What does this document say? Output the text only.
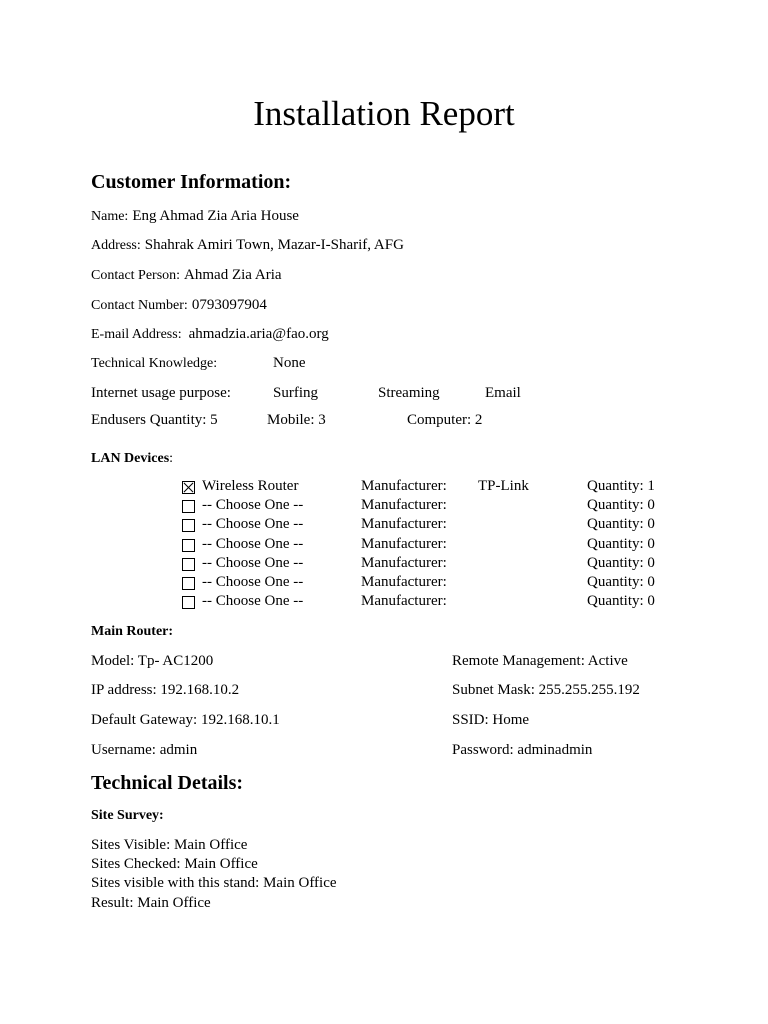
Installation Report
Customer Information:
Name: Eng Ahmad Zia Aria House
Address: Shahrak Amiri Town, Mazar-I-Sharif, AFG
Contact Person: Ahmad Zia Aria
Contact Number: 0793097904
E-mail Address: ahmadzia.aria@fao.org
Technical Knowledge:	None
Internet usage purpose:	Surfing	Streaming	Email
Endusers Quantity: 5	Mobile: 3	Computer: 2
LAN Devices:
Wireless Router	Manufacturer: TP-Link	Quantity: 1
-- Choose One --	Manufacturer:	Quantity: 0
-- Choose One --	Manufacturer:	Quantity: 0
-- Choose One --	Manufacturer:	Quantity: 0
-- Choose One --	Manufacturer:	Quantity: 0
-- Choose One --	Manufacturer:	Quantity: 0
-- Choose One --	Manufacturer:	Quantity: 0
Main Router:
Model: Tp- AC1200	Remote Management: Active
IP address: 192.168.10.2	Subnet Mask: 255.255.255.192
Default Gateway: 192.168.10.1	SSID: Home
Username: admin	Password: adminadmin
Technical Details:
Site Survey:
Sites Visible: Main Office
Sites Checked: Main Office
Sites visible with this stand: Main Office
Result: Main Office
